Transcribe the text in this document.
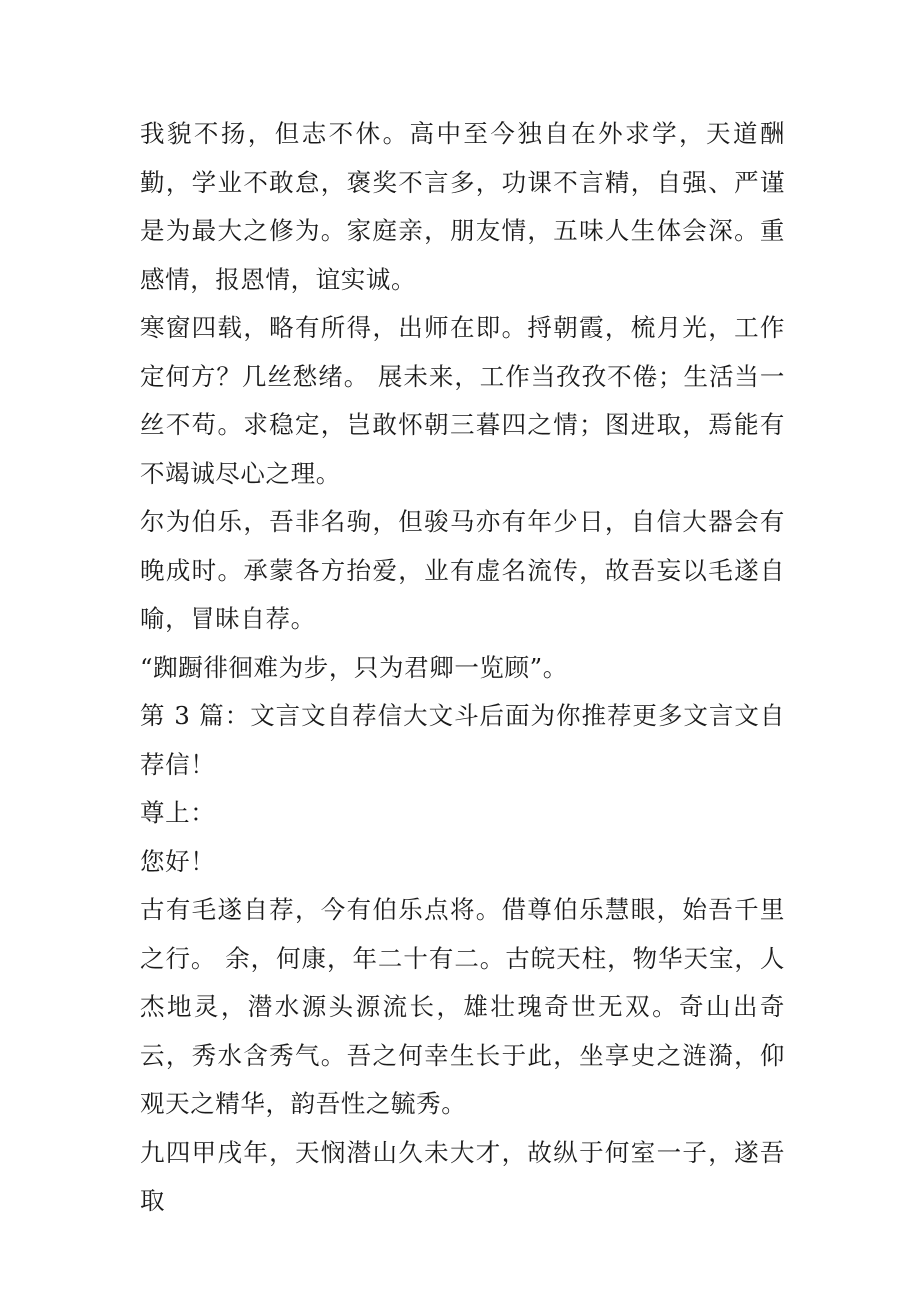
我貌不扬，但志不休。高中至今独自在外求学，天道酬勤，学业不敢怠，褒奖不言多，功课不言精，自强、严谨是为最大之修为。家庭亲，朋友情，五味人生体会深。重感情，报恩情，谊实诚。

寒窗四载，略有所得，出师在即。捋朝霞，梳月光，工作定何方？几丝愁绪。 展未来，工作当孜孜不倦；生活当一丝不苟。求稳定，岂敢怀朝三暮四之情；图进取，焉能有不竭诚尽心之理。

尔为伯乐，吾非名驹，但骏马亦有年少日，自信大器会有晚成时。承蒙各方抬爱，业有虚名流传，故吾妄以毛遂自喻，冒昧自荐。

“踟蹰徘徊难为步，只为君卿一览顾”。

第 3 篇：文言文自荐信大文斗后面为你推荐更多文言文自荐信！

尊上：

您好！

古有毛遂自荐，今有伯乐点将。借尊伯乐慧眼，始吾千里之行。 余，何康，年二十有二。古皖天柱，物华天宝，人杰地灵，潜水源头源流长，雄壮瑰奇世无双。奇山出奇云，秀水含秀气。吾之何幸生长于此，坐享史之涟漪，仰观天之精华，韵吾性之毓秀。

九四甲戌年，天悯潜山久未大才，故纵于何室一子，遂吾取
